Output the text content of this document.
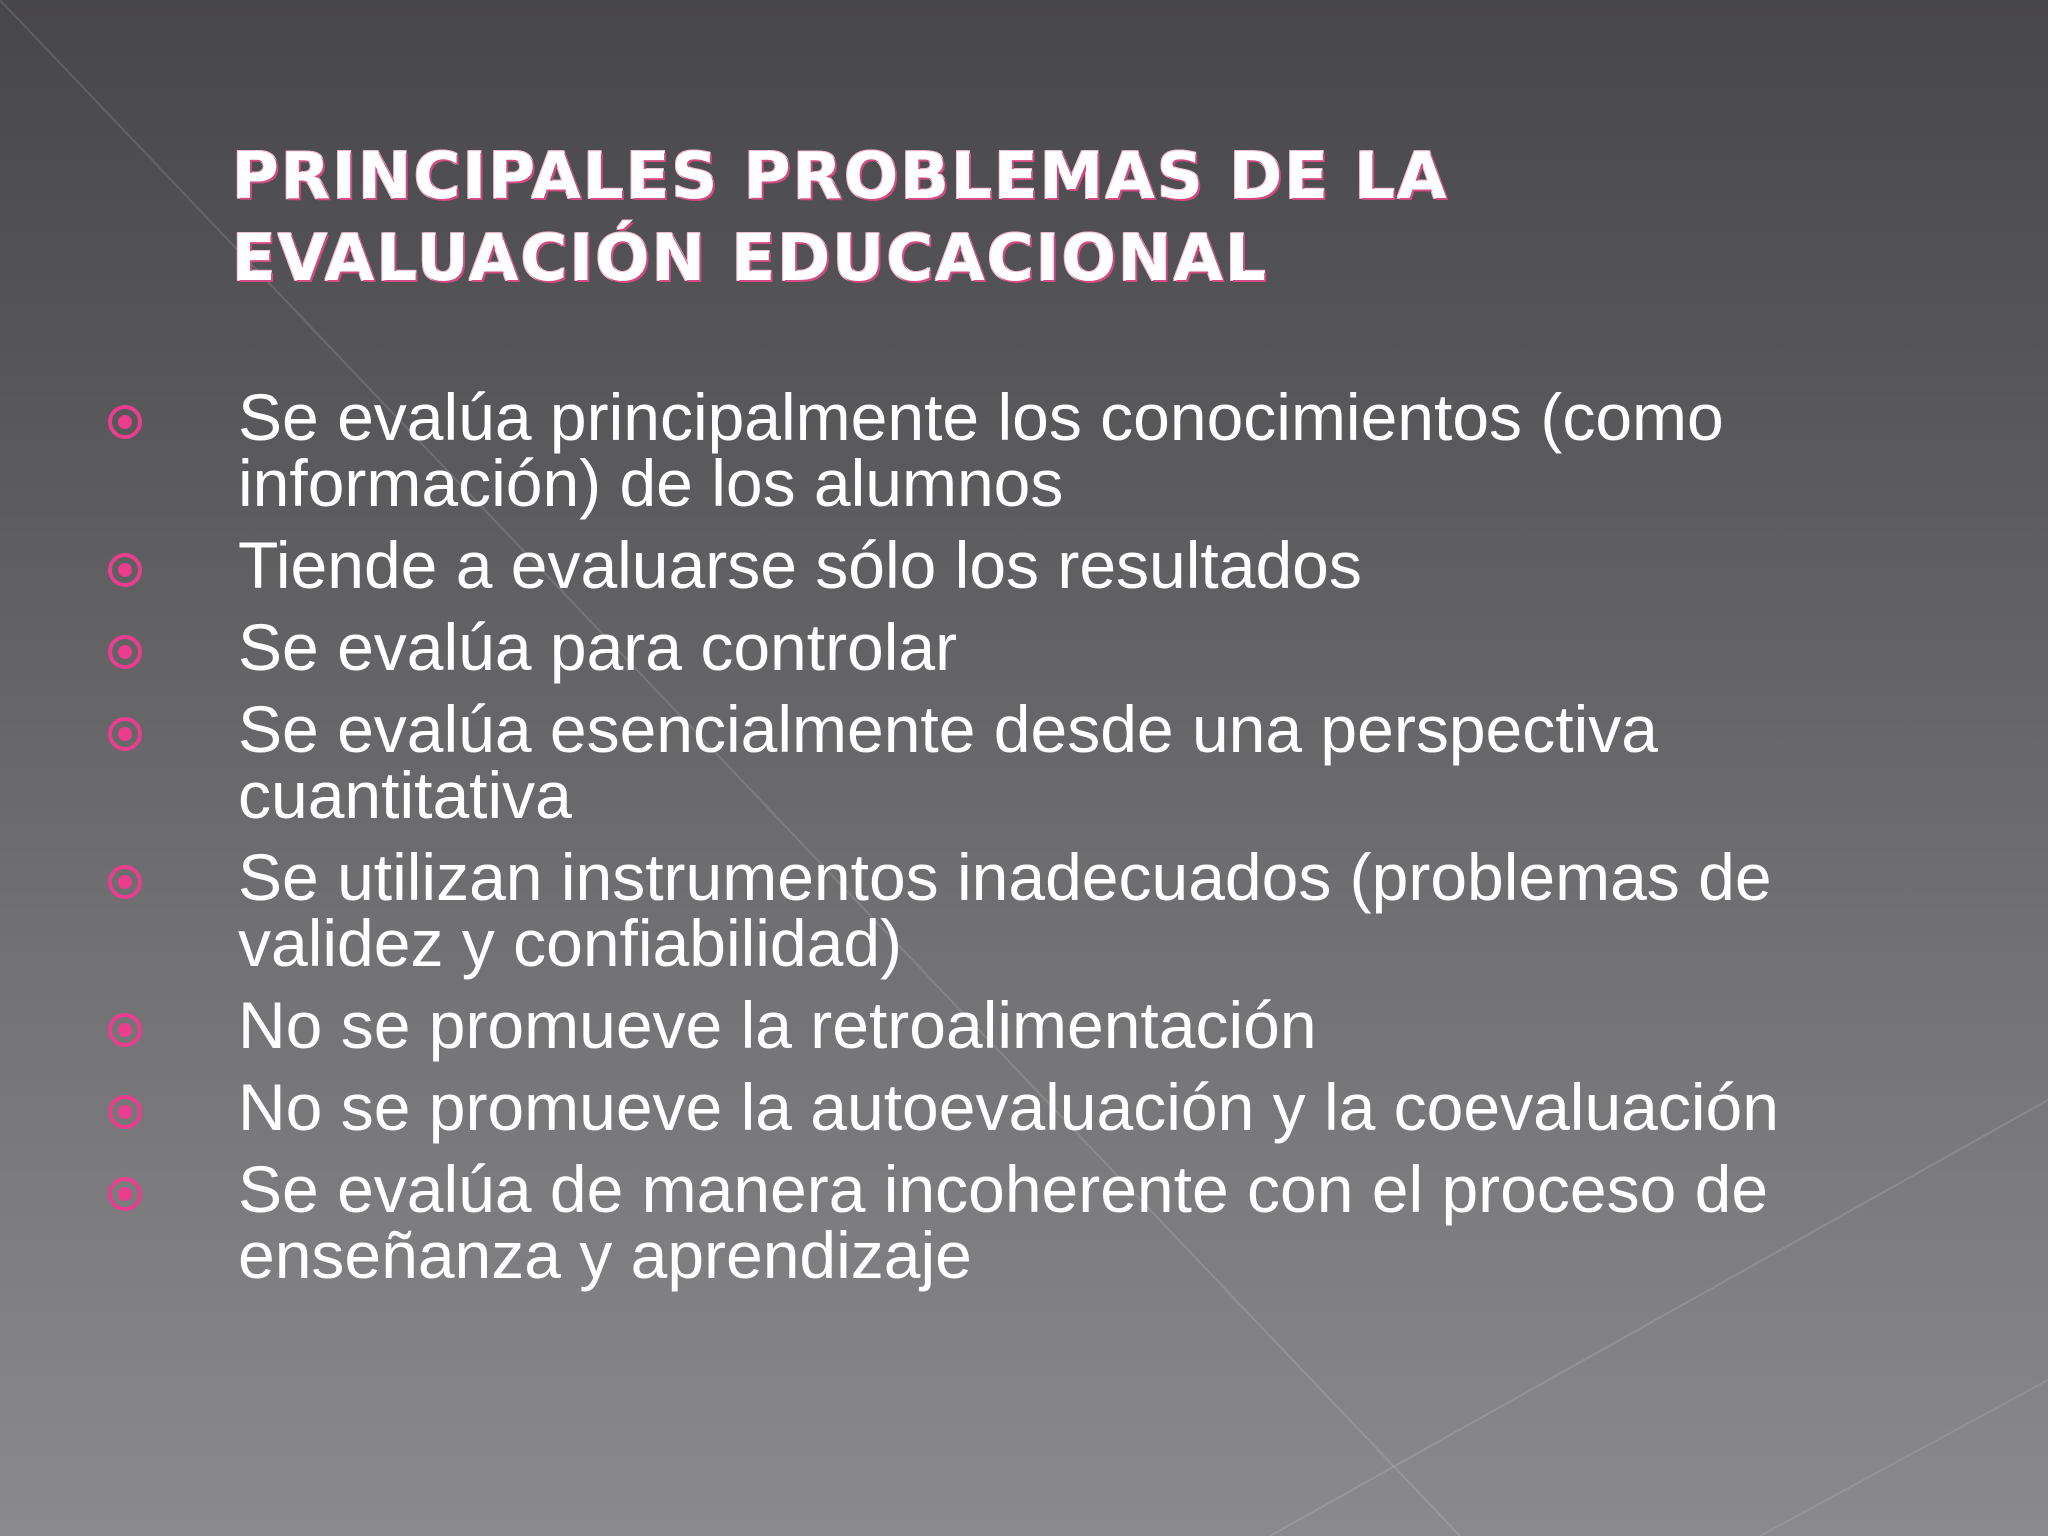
PRINCIPALES PROBLEMAS DE LA EVALUACIÓN EDUCACIONAL
Se evalúa principalmente los conocimientos (como información) de los alumnos
Tiende a evaluarse sólo los resultados
Se evalúa para controlar
Se evalúa esencialmente desde una perspectiva cuantitativa
Se utilizan instrumentos inadecuados (problemas de validez y confiabilidad)
No se promueve la retroalimentación
No se promueve la autoevaluación y la coevaluación
Se evalúa de manera incoherente con el proceso de enseñanza y aprendizaje
